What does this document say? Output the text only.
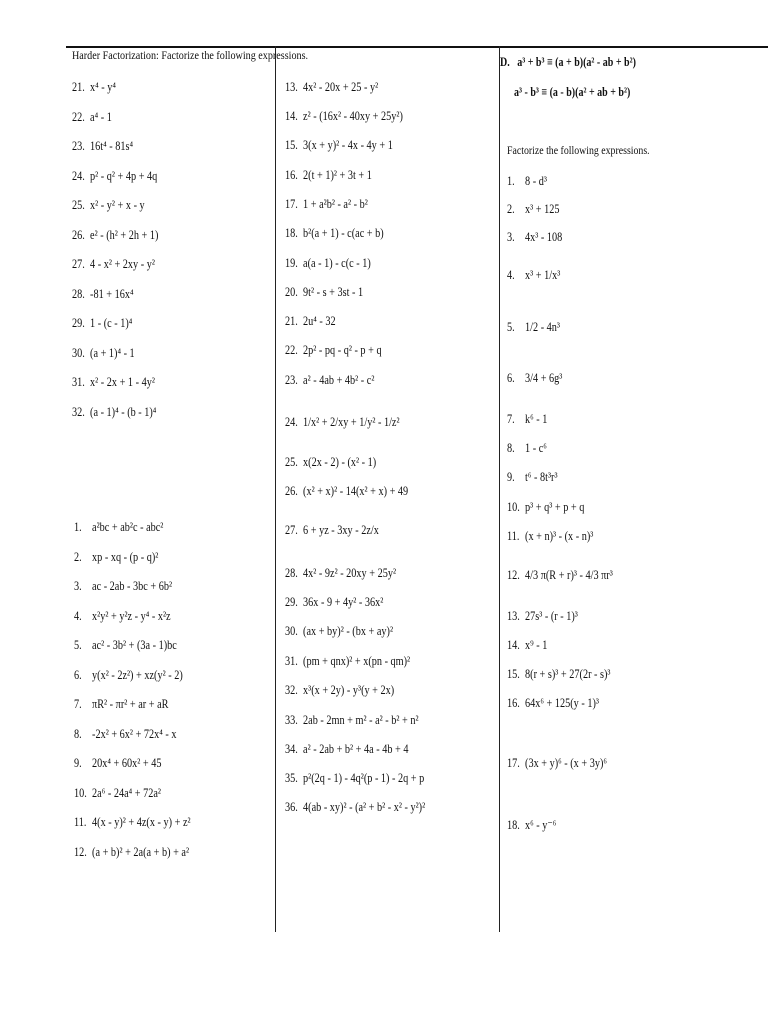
Harder Factorization: Factorize the following expressions.
21. x⁴ - y⁴
22. a⁴ - 1
23. 16t⁴ - 81s⁴
24. p² - q² + 4p + 4q
25. x² - y² + x - y
26. e² - (h² + 2h + 1)
27. 4 - x² + 2xy - y²
28. -81 + 16x⁴
29. 1 - (c - 1)⁴
30. (a + 1)⁴ - 1
31. x² - 2x + 1 - 4y²
32. (a - 1)⁴ - (b - 1)⁴
1. a²bc + ab²c - abc²
2. xp - xq - (p - q)²
3. ac - 2ab - 3bc + 6b²
4. x²y² + y²z - y⁴ - x²z
5. ac² - 3b² + (3a - 1)bc
6. y(x² - 2z²) + xz(y² - 2)
7. πR² - πr² + ar + aR
8. -2x² + 6x² + 72x⁴ - x
9. 20x⁴ + 60x² + 45
10. 2a⁶ - 24a⁴ + 72a²
11. 4(x - y)² + 4z(x - y) + z²
12. (a + b)² + 2a(a + b) + a²
13. 4x² - 20x + 25 - y²
14. z² - (16x² - 40xy + 25y²)
15. 3(x + y)² - 4x - 4y + 1
16. 2(t + 1)² + 3t + 1
17. 1 + a²b² - a² - b²
18. b²(a + 1) - c(ac + b)
19. a(a - 1) - c(c - 1)
20. 9t² - s + 3st - 1
21. 2u⁴ - 32
22. 2p² - pq - q² - p + q
23. a² - 4ab + 4b² - c²
24. 1/x² + 2/xy + 1/y² - 1/z²
25. x(2x - 2) - (x² - 1)
26. (x² + x)² - 14(x² + x) + 49
27. 6 + yz - 3xy - 2z/x
28. 4x² - 9z² - 20xy + 25y²
29. 36x - 9 + 4y² - 36x²
30. (ax + by)² - (bx + ay)²
31. (pm + qnx)² + x(pn - qm)²
32. x³(x + 2y) - y³(y + 2x)
33. 2ab - 2mn + m² - a² - b² + n²
34. a² - 2ab + b² + 4a - 4b + 4
35. p²(2q - 1) - 4q²(p - 1) - 2q + p
36. 4(ab - xy)² - (a² + b² - x² - y²)²
D. a³ + b³ ≡ (a + b)(a² - ab + b²)
a³ - b³ ≡ (a - b)(a² + ab + b²)
Factorize the following expressions.
1. 8 - d³
2. x³ + 125
3. 4x³ - 108
4. x³ + 1/x³
5. 1/2 - 4n³
6. 3/4 + 6g³
7. k⁶ - 1
8. 1 - c⁶
9. t⁶ - 8t³r³
10. p³ + q³ + p + q
11. (x + n)³ - (x - n)³
12. 4/3 π(R + r)³ - 4/3 πr³
13. 27s³ - (r - 1)³
14. x⁹ - 1
15. 8(r + s)³ + 27(2r - s)³
16. 64x⁶ + 125(y - 1)³
17. (3x + y)⁶ - (x + 3y)⁶
18. x⁶ - y⁻⁶
